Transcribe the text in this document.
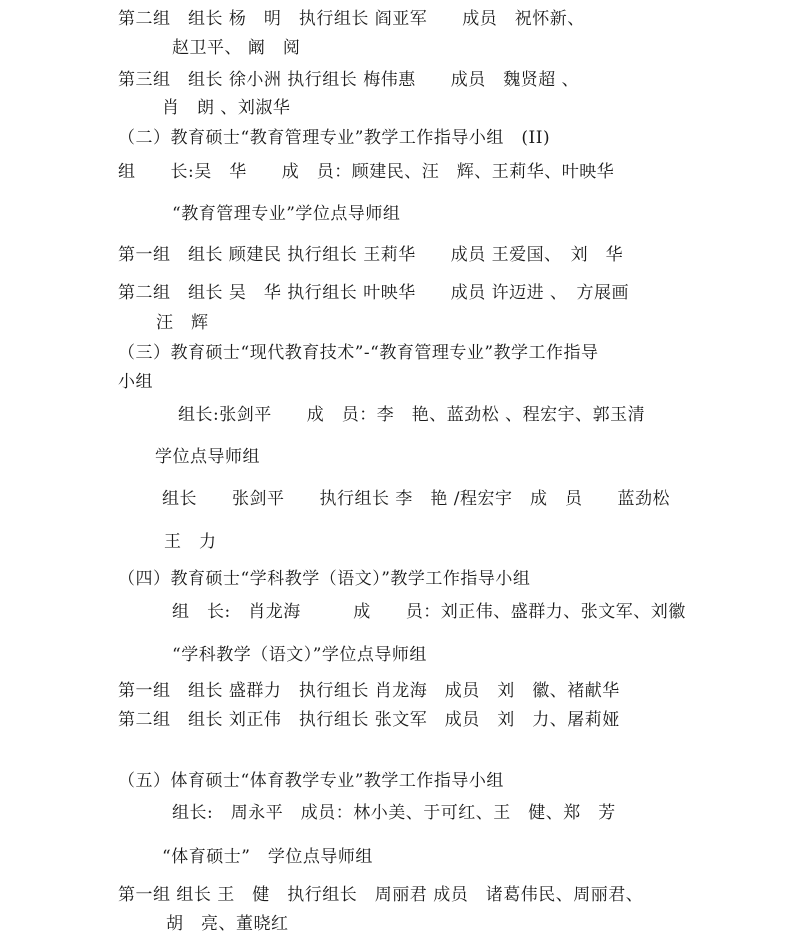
第二组　组长 杨　明　执行组长 阎亚军　　成员　祝怀新、
赵卫平、 阚　阅
第三组　组长 徐小洲 执行组长 梅伟惠　　成员　魏贤超 、
肖　朗 、刘淑华
（二）教育硕士“教育管理专业”教学工作指导小组　(II)
组　　长:吴　华　　成　员：顾建民、汪　辉、王莉华、叶映华
“教育管理专业”学位点导师组
第一组　组长 顾建民 执行组长 王莉华　　成员 王爱国、　刘　华
第二组　组长 吴　华 执行组长 叶映华　　成员 许迈进 、　方展画
汪　辉
（三）教育硕士“现代教育技术”-“教育管理专业”教学工作指导
小组
组长:张剑平　　成　员：李　艳、蓝劲松 、程宏宇、郭玉清
学位点导师组
组长　　张剑平　　执行组长 李　艳 /程宏宇　成　员　　蓝劲松
王　力
（四）教育硕士“学科教学（语文）”教学工作指导小组
组　长:　肖龙海　　　成　　员：刘正伟、盛群力、张文军、刘徽
“学科教学（语文）”学位点导师组
第一组　组长 盛群力　执行组长 肖龙海　成员　刘　徽、褚献华
第二组　组长 刘正伟　执行组长 张文军　成员　刘　力、屠莉娅
（五）体育硕士“体育教学专业”教学工作指导小组
组长:　周永平　成员：林小美、于可红、王　健、郑　芳
“体育硕士”　学位点导师组
第一组 组长 王　健　执行组长　周丽君 成员　诸葛伟民、周丽君、
胡　亮、董晓红
